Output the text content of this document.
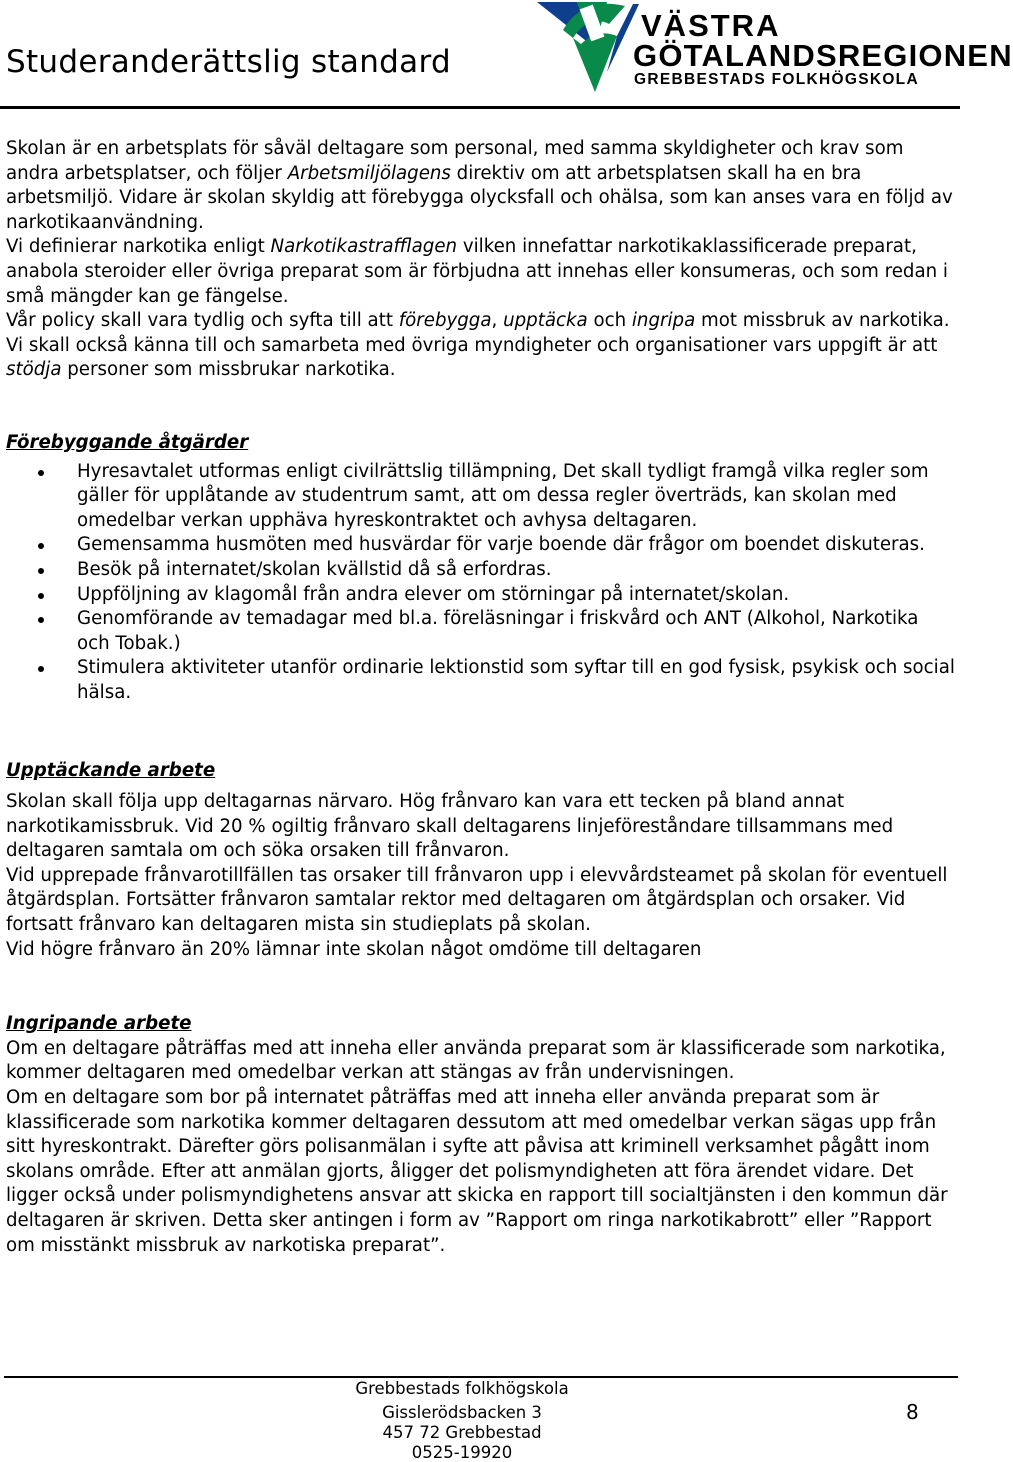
Studeranderättslig standard
VÄSTRA
GÖTALANDSREGIONEN
GREBBESTADS FOLKHÖGSKOLA

Skolan är en arbetsplats för såväl deltagare som personal, med samma skyldigheter och krav som andra arbetsplatser, och följer Arbetsmiljölagens direktiv om att arbetsplatsen skall ha en bra arbetsmiljö. Vidare är skolan skyldig att förebygga olycksfall och ohälsa, som kan anses vara en följd av narkotikaanvändning.

Vi definierar narkotika enligt Narkotikastrafflagen vilken innefattar narkotikaklassificerade preparat, anabola steroider eller övriga preparat som är förbjudna att innehas eller konsumeras, och som redan i små mängder kan ge fängelse.

Vår policy skall vara tydlig och syfta till att förebygga, upptäcka och ingripa mot missbruk av narkotika. Vi skall också känna till och samarbeta med övriga myndigheter och organisationer vars uppgift är att stödja personer som missbrukar narkotika.

Förebyggande åtgärder

Hyresavtalet utformas enligt civilrättslig tillämpning, Det skall tydligt framgå vilka regler som gäller för upplåtande av studentrum samt, att om dessa regler överträds, kan skolan med omedelbar verkan upphäva hyreskontraktet och avhysa deltagaren.
Gemensamma husmöten med husvärdar för varje boende där frågor om boendet diskuteras.
Besök på internatet/skolan kvällstid då så erfordras.
Uppföljning av klagomål från andra elever om störningar på internatet/skolan.
Genomförande av temadagar med bl.a. föreläsningar i friskvård och ANT (Alkohol, Narkotika och Tobak.)
Stimulera aktiviteter utanför ordinarie lektionstid som syftar till en god fysisk, psykisk och social hälsa.

Upptäckande arbete

Skolan skall följa upp deltagarnas närvaro. Hög frånvaro kan vara ett tecken på bland annat narkotikamissbruk. Vid 20 % ogiltig frånvaro skall deltagarens linjeföreståndare tillsammans med deltagaren samtala om och söka orsaken till frånvaron.

Vid upprepade frånvarotillfällen tas orsaker till frånvaron upp i elevvårdsteamet på skolan för eventuell åtgärdsplan. Fortsätter frånvaron samtalar rektor med deltagaren om åtgärdsplan och orsaker. Vid fortsatt frånvaro kan deltagaren mista sin studieplats på skolan.

Vid högre frånvaro än 20% lämnar inte skolan något omdöme till deltagaren

Ingripande arbete

Om en deltagare påträffas med att inneha eller använda preparat som är klassificerade som narkotika, kommer deltagaren med omedelbar verkan att stängas av från undervisningen.

Om en deltagare som bor på internatet påträffas med att inneha eller använda preparat som är klassificerade som narkotika kommer deltagaren dessutom att med omedelbar verkan sägas upp från sitt hyreskontrakt. Därefter görs polisanmälan i syfte att påvisa att kriminell verksamhet pågått inom skolans område. Efter att anmälan gjorts, åligger det polismyndigheten att föra ärendet vidare. Det ligger också under polismyndighetens ansvar att skicka en rapport till socialtjänsten i den kommun där deltagaren är skriven. Detta sker antingen i form av ”Rapport om ringa narkotikabrott” eller ”Rapport om misstänkt missbruk av narkotiska preparat”.

Grebbestads folkhögskola
Gisslerödsbacken 3
457 72 Grebbestad
0525-19920
8
